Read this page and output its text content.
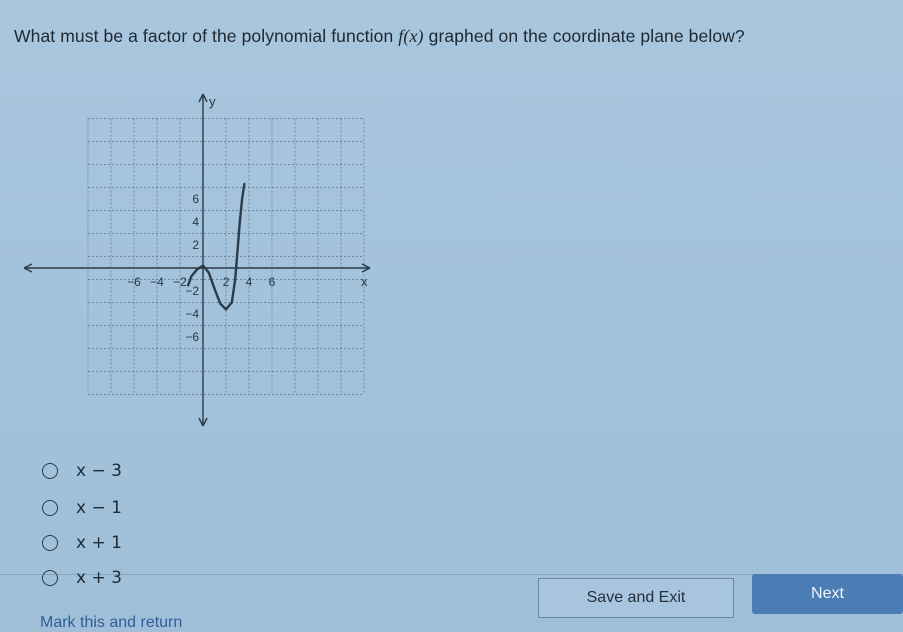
What must be a factor of the polynomial function f(x) graphed on the coordinate plane below?
−6 −4 −2	2 4 6
6
4
2
−2
−4
−6
y
x
x − 3
x − 1
x + 1
x + 3
Save and Exit	Next
Mark this and return
